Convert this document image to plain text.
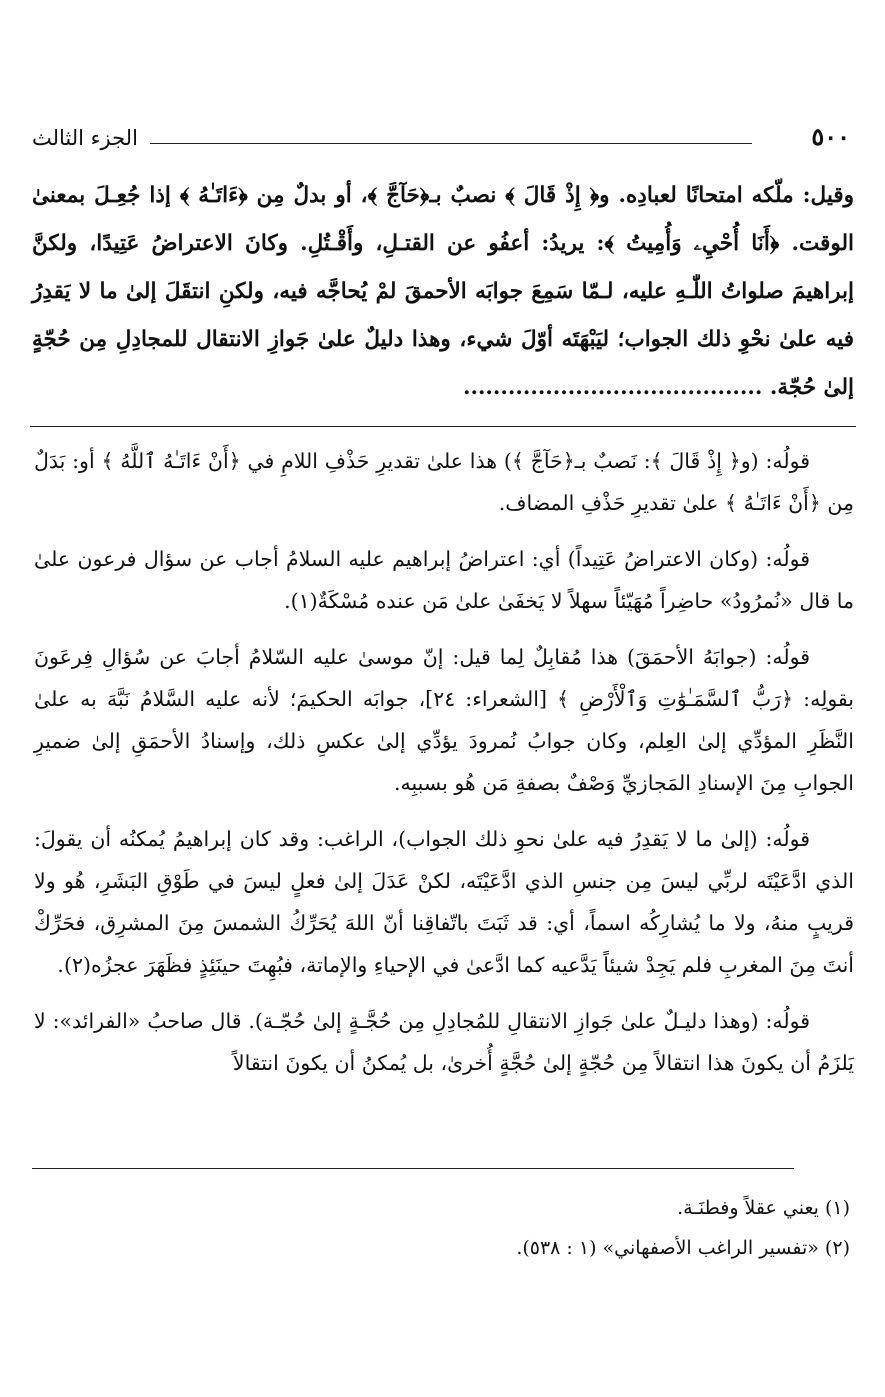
الجزء الثالث	٥٠٠
وقيل: ملّكه امتحانًا لعبادِه. و﴿ إِذْ قَالَ ﴾ نصبٌ بـ﴿حَآجَّ ﴾، أو بدلٌ مِن ﴿ءَاتَـٰهُ ﴾ إذا جُعِـلَ بمعنىٰ الوقت. ﴿أَنَا أُحْيِۦ وَأُمِيتُ ﴾: يريدُ: أعفُو عن القتـلِ، وأَقْـتُلِ. وكانَ الاعتراضُ عَتِيدًا، ولكنَّ إبراهيمَ صلواتُ اللّٰـهِ عليه، لـمّا سَمِعَ جوابَه الأحمقَ لمْ يُحاجَّه فيه، ولكنِ انتقَلَ إلىٰ ما لا يَقدِرُ فيه علىٰ نحْوِ ذلك الجواب؛ ليَبْهَتَه أوّلَ شيء، وهذا دليلٌ علىٰ جَوازِ الانتقال للمجادِلِ مِن حُجّةٍ إلىٰ حُجّة. ........................................

قولُه: (و﴿ إِذْ قَالَ ﴾: نَصبٌ بـ﴿حَآجَّ ﴾) هذا علىٰ تقديرِ حَذْفِ اللامِ في ﴿أَنْ ءَاتَـٰهُ ٱللَّهُ ﴾ أو: بَدَلٌ مِن ﴿أَنْ ءَاتَـٰهُ ﴾ علىٰ تقديرِ حَذْفِ المضاف.

قولُه: (وكان الاعتراضُ عَتِيداً) أي: اعتراضُ إبراهيم عليه السلامُ أجاب عن سؤال فرعون علىٰ ما قال «نُمرُودُ» حاضِراً مُهَيّئاً سهلاً لا يَخفَىٰ علىٰ مَن عنده مُسْكَةٌ(١).

قولُه: (جوابَهُ الأحمَقَ) هذا مُقابِلٌ لِما قيل: إنّ موسىٰ عليه السّلامُ أجابَ عن سُؤالِ فِرعَونَ بقولِه: ﴿رَبُّ ٱلسَّمَـٰوَٰتِ وَٱلْأَرْضِ ﴾ [الشعراء: ٢٤]، جوابَه الحكيمَ؛ لأنه عليه السَّلامُ نَبَّهَ به علىٰ النَّظَرِ المؤدِّي إلىٰ العِلم، وكان جوابُ نُمرودَ يؤدِّي إلىٰ عكسِ ذلك، وإسنادُ الأحمَقِ إلىٰ ضميرِ الجوابِ مِنَ الإسنادِ المَجازيِّ وَصْفٌ بصفةِ مَن هُو بسببِه.

قولُه: (إلىٰ ما لا يَقدِرُ فيه علىٰ نحوِ ذلك الجواب)، الراغب: وقد كان إبراهيمُ يُمكنُه أن يقولَ: الذي ادَّعَيْتَه لربِّي ليسَ مِن جنسِ الذي ادَّعَيْتَه، لكنْ عَدَلَ إلىٰ فعلٍ ليسَ في طَوْقِ البَشَرِ، هُو ولا قريبٍ منهُ، ولا ما يُشارِكُه اسماً، أي: قد ثَبَتَ باتّفاقِنا أنّ اللهَ يُحَرِّكُ الشمسَ مِنَ المشرِق، فحَرِّكْ أنتَ مِنَ المغربِ فلم يَجِدْ شيئاً يَدَّعيه كما ادَّعىٰ في الإحياءِ والإماتة، فبُهِتَ حينَئِذٍ فظَهَرَ عجزُه(٢).

قولُه: (وهذا دليـلٌ علىٰ جَوازِ الانتقالِ للمُجادِلِ مِن حُجَّـةٍ إلىٰ حُجّـة). قال صاحبُ «الفرائد»: لا يَلزَمُ أن يكونَ هذا انتقالاً مِن حُجّةٍ إلىٰ حُجَّةٍ أُخرىٰ، بل يُمكنُ أن يكونَ انتقالاً

(١) يعني عقلاً وفطنَـة.
(٢) «تفسير الراغب الأصفهاني» (١ : ٥٣٨).
